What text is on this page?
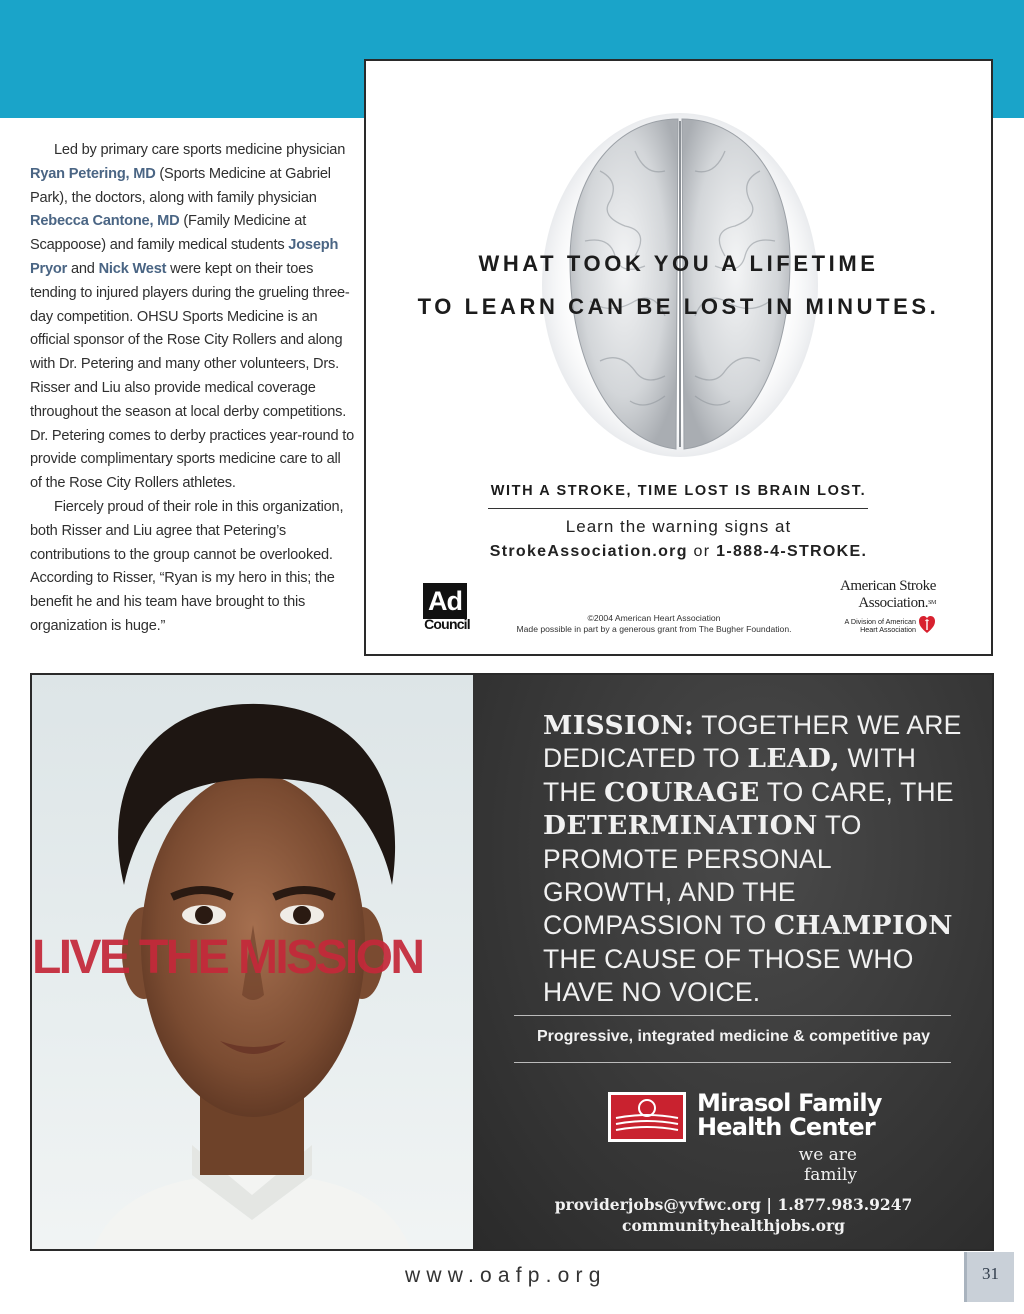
Led by primary care sports medicine physician Ryan Petering, MD (Sports Medicine at Gabriel Park), the doctors, along with family physician Rebecca Cantone, MD (Family Medicine at Scappoose) and family medical students Joseph Pryor and Nick West were kept on their toes tending to injured players during the grueling three-day competition. OHSU Sports Medicine is an official sponsor of the Rose City Rollers and along with Dr. Petering and many other volunteers, Drs. Risser and Liu also provide medical coverage throughout the season at local derby competitions. Dr. Petering comes to derby practices year-round to provide complimentary sports medicine care to all of the Rose City Rollers athletes.

Fiercely proud of their role in this organization, both Risser and Liu agree that Petering’s contributions to the group cannot be overlooked. According to Risser, “Ryan is my hero in this; the benefit he and his team have brought to this organization is huge.”

WHAT TOOK YOU A LIFETIME
TO LEARN CAN BE LOST IN MINUTES.
WITH A STROKE, TIME LOST IS BRAIN LOST.
Learn the warning signs at
StrokeAssociation.org or 1-888-4-STROKE.
Ad
Council	©2004 American Heart Association
Made possible in part by a generous grant from The Bugher Foundation.
American Stroke
Association.SM
A Division of American
Heart Association
LIVE THE MISSION
MISSION: TOGETHER WE ARE DEDICATED TO LEAD, WITH THE COURAGE TO CARE, THE DETERMINATION TO PROMOTE PERSONAL GROWTH, AND THE COMPASSION TO CHAMPION THE CAUSE OF THOSE WHO HAVE NO VOICE.
Progressive, integrated medicine & competitive pay
Mirasol Family
Health Center
we are family
providerjobs@yvfwc.org | 1.877.983.9247
communityhealthjobs.org
www.oafp.org	31
